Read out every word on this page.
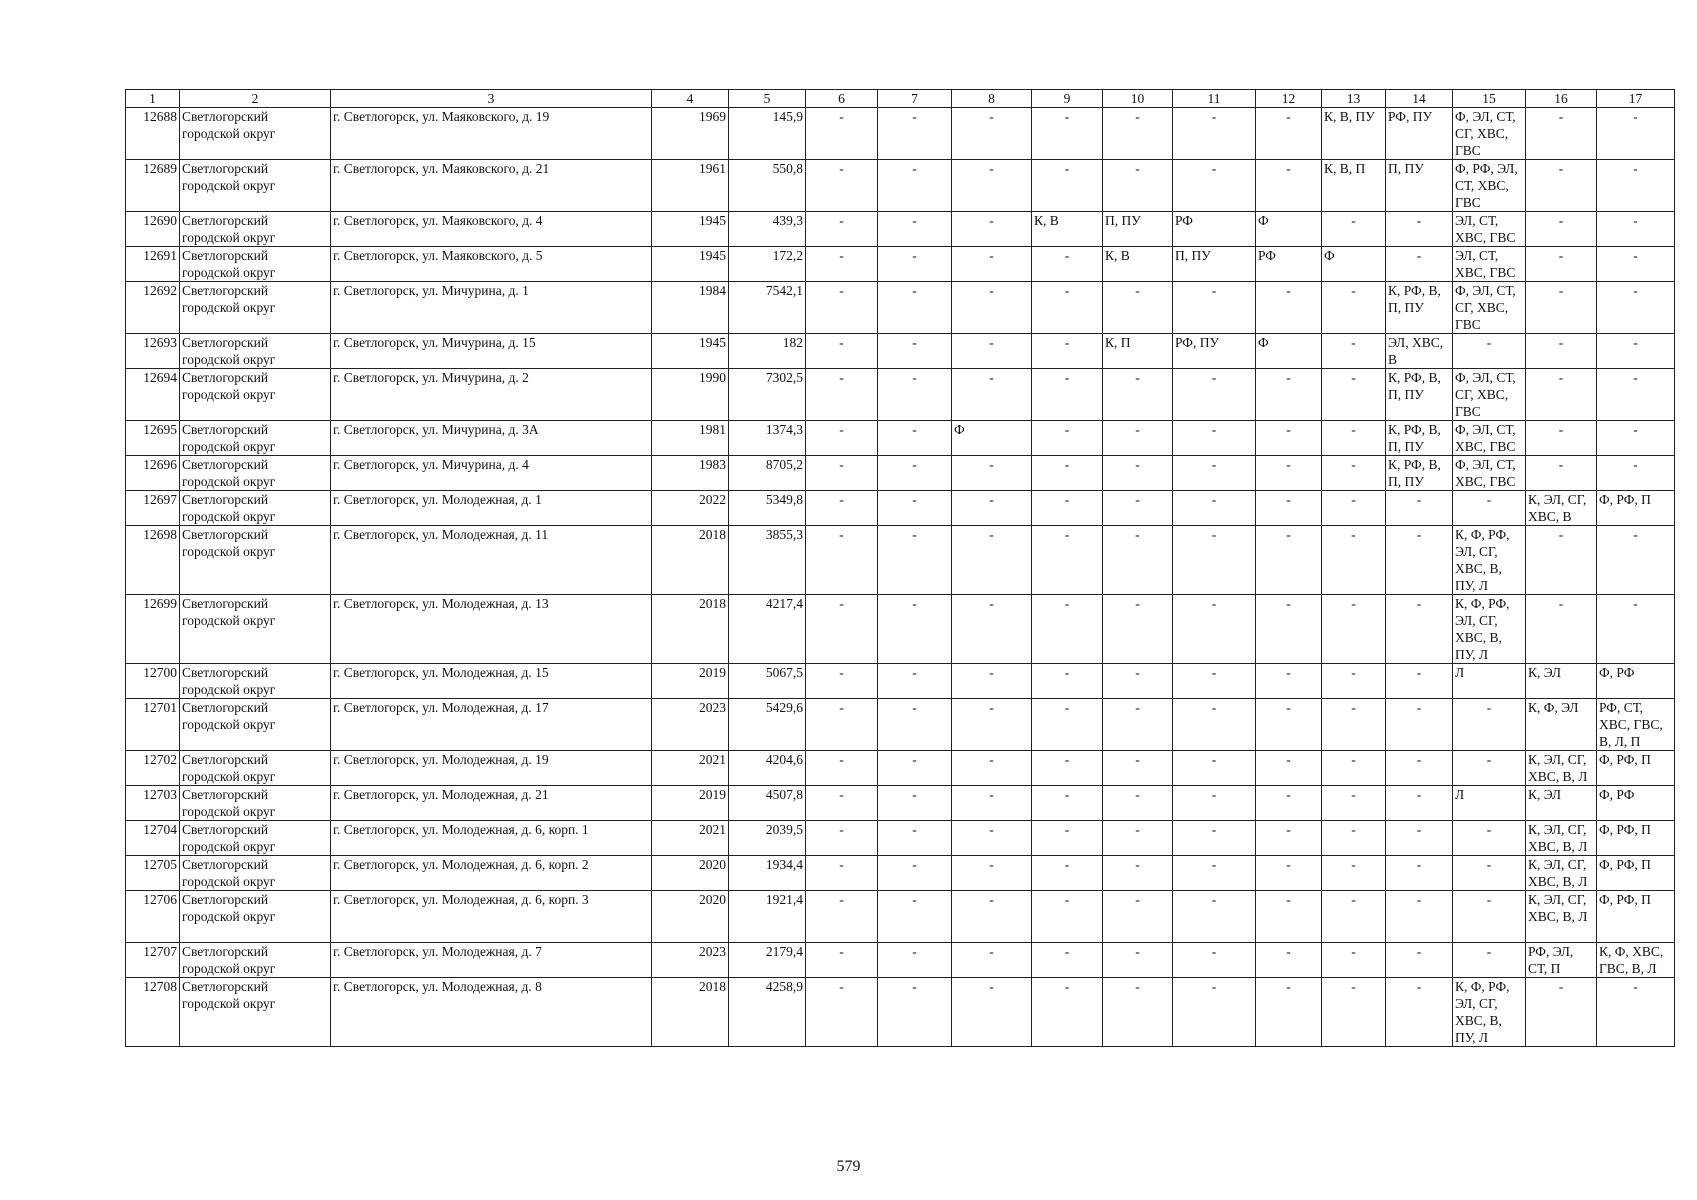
1	2	3	4	5	6	7	8	9	10	11	12	13	14	15	16	17
12688	Светлогорский городской округ	г. Светлогорск, ул. Маяковского, д. 19	1969	145,9	-	-	-	-	-	-	-	К, В, ПУ	РФ, ПУ	Ф, ЭЛ, СТ, СГ, ХВС, ГВС	-	-
12689	Светлогорский городской округ	г. Светлогорск, ул. Маяковского, д. 21	1961	550,8	-	-	-	-	-	-	-	К, В, П	П, ПУ	Ф, РФ, ЭЛ, СТ, ХВС, ГВС	-	-
12690	Светлогорский городской округ	г. Светлогорск, ул. Маяковского, д. 4	1945	439,3	-	-	-	К, В	П, ПУ	РФ	Ф	-	-	ЭЛ, СТ, ХВС, ГВС	-	-
12691	Светлогорский городской округ	г. Светлогорск, ул. Маяковского, д. 5	1945	172,2	-	-	-	-	К, В	П, ПУ	РФ	Ф	-	ЭЛ, СТ, ХВС, ГВС	-	-
12692	Светлогорский городской округ	г. Светлогорск, ул. Мичурина, д. 1	1984	7542,1	-	-	-	-	-	-	-	-	К, РФ, В, П, ПУ	Ф, ЭЛ, СТ, СГ, ХВС, ГВС	-	-
12693	Светлогорский городской округ	г. Светлогорск, ул. Мичурина, д. 15	1945	182	-	-	-	-	К, П	РФ, ПУ	Ф	-	ЭЛ, ХВС, В	-	-	-
12694	Светлогорский городской округ	г. Светлогорск, ул. Мичурина, д. 2	1990	7302,5	-	-	-	-	-	-	-	-	К, РФ, В, П, ПУ	Ф, ЭЛ, СТ, СГ, ХВС, ГВС	-	-
12695	Светлогорский городской округ	г. Светлогорск, ул. Мичурина, д. 3А	1981	1374,3	-	-	Ф	-	-	-	-	-	К, РФ, В, П, ПУ	Ф, ЭЛ, СТ, ХВС, ГВС	-	-
12696	Светлогорский городской округ	г. Светлогорск, ул. Мичурина, д. 4	1983	8705,2	-	-	-	-	-	-	-	-	К, РФ, В, П, ПУ	Ф, ЭЛ, СТ, ХВС, ГВС	-	-
12697	Светлогорский городской округ	г. Светлогорск, ул. Молодежная, д. 1	2022	5349,8	-	-	-	-	-	-	-	-	-	-	К, ЭЛ, СГ, ХВС, В	Ф, РФ, П
12698	Светлогорский городской округ	г. Светлогорск, ул. Молодежная, д. 11	2018	3855,3	-	-	-	-	-	-	-	-	-	К, Ф, РФ, ЭЛ, СГ, ХВС, В, ПУ, Л	-	-
12699	Светлогорский городской округ	г. Светлогорск, ул. Молодежная, д. 13	2018	4217,4	-	-	-	-	-	-	-	-	-	К, Ф, РФ, ЭЛ, СГ, ХВС, В, ПУ, Л	-	-
12700	Светлогорский городской округ	г. Светлогорск, ул. Молодежная, д. 15	2019	5067,5	-	-	-	-	-	-	-	-	-	Л	К, ЭЛ	Ф, РФ
12701	Светлогорский городской округ	г. Светлогорск, ул. Молодежная, д. 17	2023	5429,6	-	-	-	-	-	-	-	-	-	-	К, Ф, ЭЛ	РФ, СТ, ХВС, ГВС, В, Л, П
12702	Светлогорский городской округ	г. Светлогорск, ул. Молодежная, д. 19	2021	4204,6	-	-	-	-	-	-	-	-	-	-	К, ЭЛ, СГ, ХВС, В, Л	Ф, РФ, П
12703	Светлогорский городской округ	г. Светлогорск, ул. Молодежная, д. 21	2019	4507,8	-	-	-	-	-	-	-	-	-	Л	К, ЭЛ	Ф, РФ
12704	Светлогорский городской округ	г. Светлогорск, ул. Молодежная, д. 6, корп. 1	2021	2039,5	-	-	-	-	-	-	-	-	-	-	К, ЭЛ, СГ, ХВС, В, Л	Ф, РФ, П
12705	Светлогорский городской округ	г. Светлогорск, ул. Молодежная, д. 6, корп. 2	2020	1934,4	-	-	-	-	-	-	-	-	-	-	К, ЭЛ, СГ, ХВС, В, Л	Ф, РФ, П
12706	Светлогорский городской округ	г. Светлогорск, ул. Молодежная, д. 6, корп. 3	2020	1921,4	-	-	-	-	-	-	-	-	-	-	К, ЭЛ, СГ, ХВС, В, Л	Ф, РФ, П
12707	Светлогорский городской округ	г. Светлогорск, ул. Молодежная, д. 7	2023	2179,4	-	-	-	-	-	-	-	-	-	-	РФ, ЭЛ, СТ, П	К, Ф, ХВС, ГВС, В, Л
12708	Светлогорский городской округ	г. Светлогорск, ул. Молодежная, д. 8	2018	4258,9	-	-	-	-	-	-	-	-	-	К, Ф, РФ, ЭЛ, СГ, ХВС, В, ПУ, Л	-	-
579
